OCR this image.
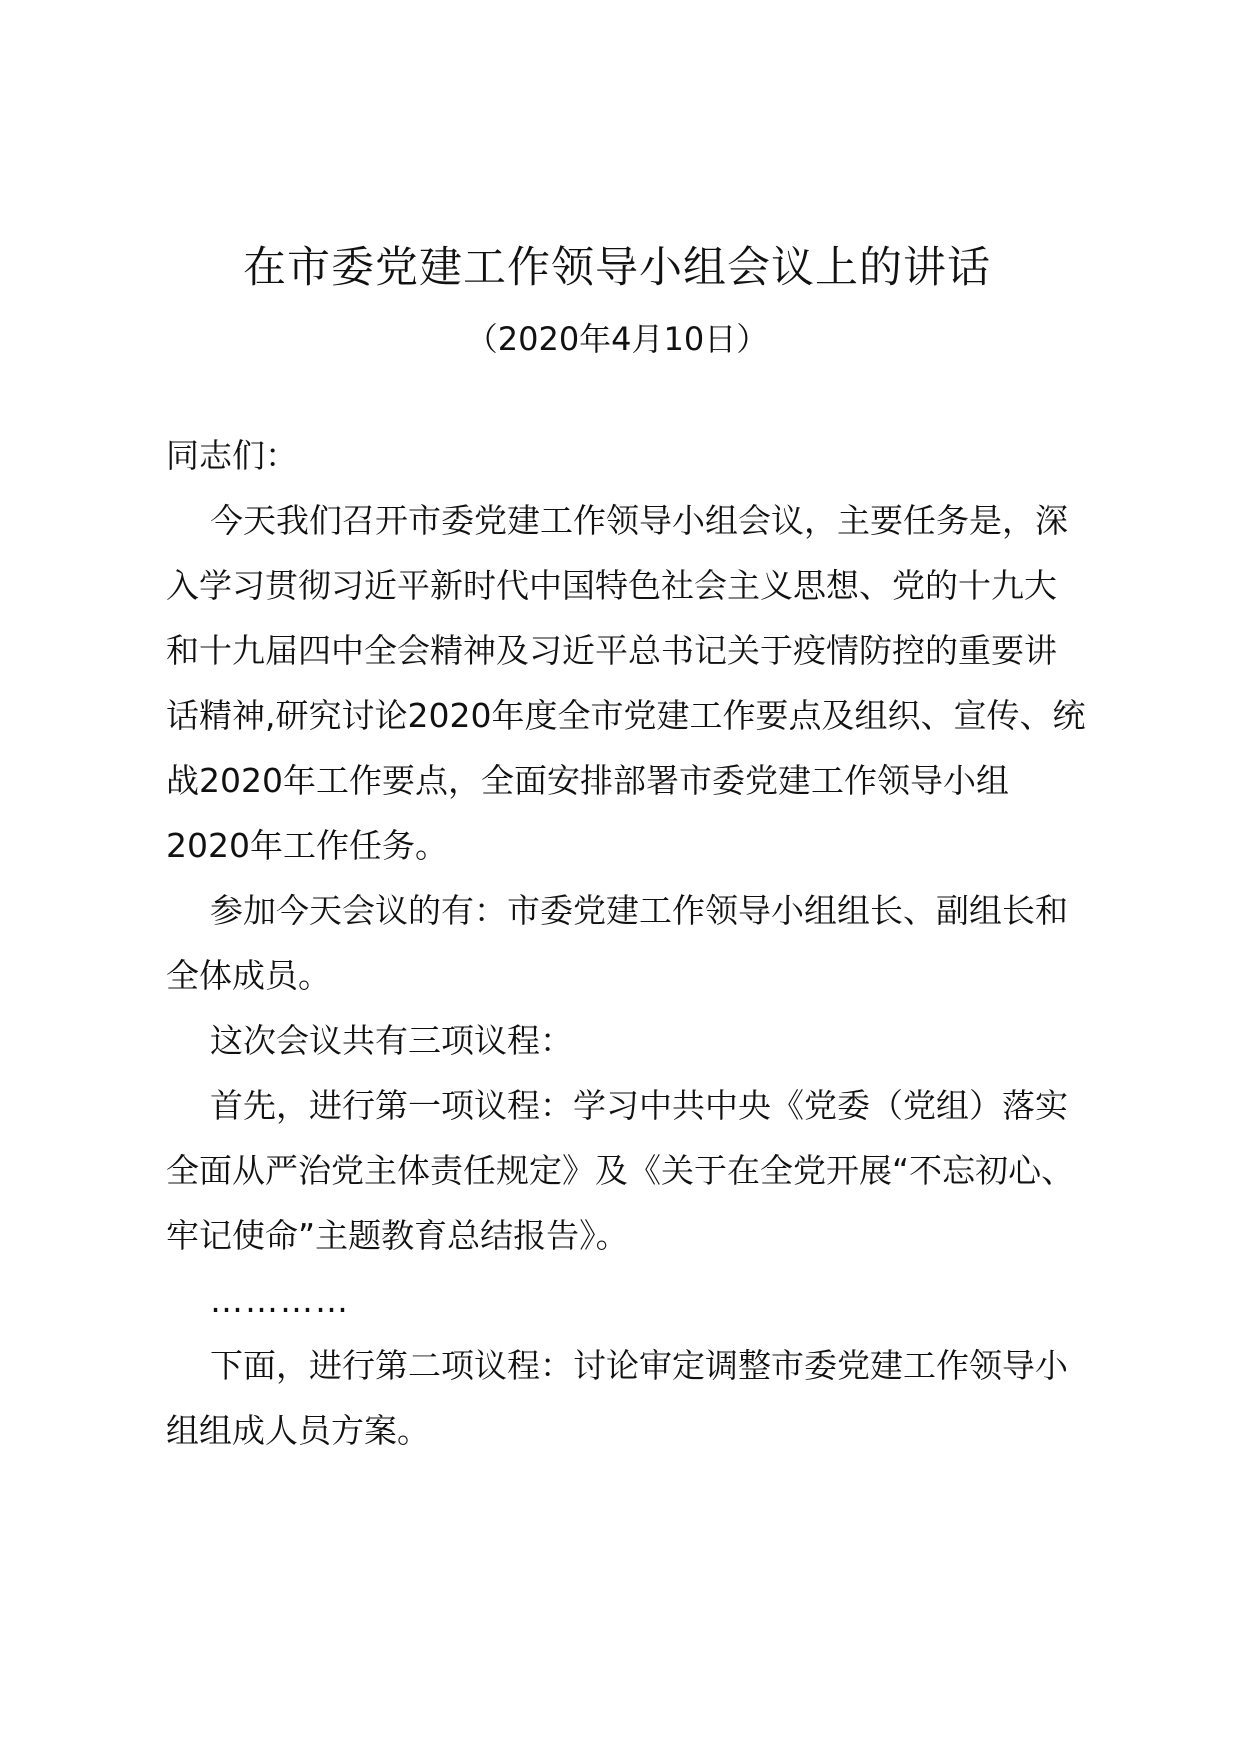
在市委党建工作领导小组会议上的讲话
（2020年4月10日）

同志们：

今天我们召开市委党建工作领导小组会议，主要任务是，深入学习贯彻习近平新时代中国特色社会主义思想、党的十九大和十九届四中全会精神及习近平总书记关于疫情防控的重要讲话精神,研究讨论2020年度全市党建工作要点及组织、宣传、统战2020年工作要点，全面安排部署市委党建工作领导小组2020年工作任务。

参加今天会议的有：市委党建工作领导小组组长、副组长和全体成员。

这次会议共有三项议程：

首先，进行第一项议程：学习中共中央《党委（党组）落实全面从严治党主体责任规定》及《关于在全党开展“不忘初心、牢记使命”主题教育总结报告》。

…………

下面，进行第二项议程：讨论审定调整市委党建工作领导小组组成人员方案。
